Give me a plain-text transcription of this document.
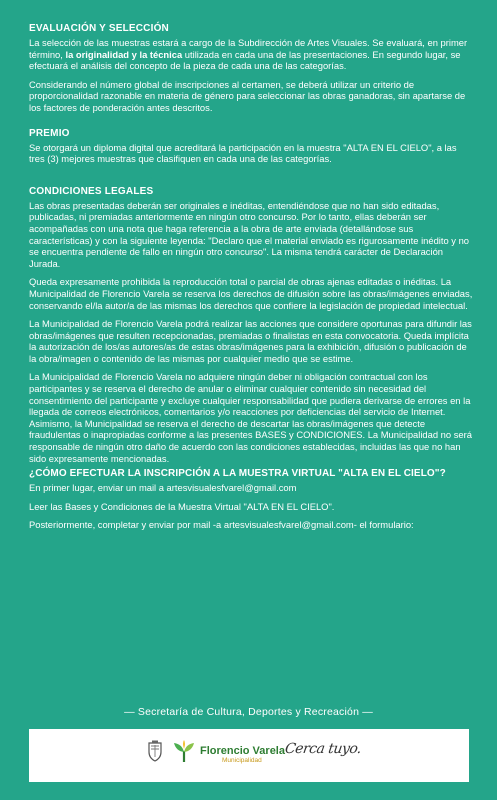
EVALUACIÓN Y SELECCIÓN

La selección de las muestras estará a cargo de la Subdirección de Artes Visuales. Se evaluará, en primer término, la originalidad y la técnica utilizada en cada una de las presentaciones. En segundo lugar, se efectuará el análisis del concepto de la pieza de cada una de las categorías.

Considerando el número global de inscripciones al certamen, se deberá utilizar un criterio de proporcionalidad razonable en materia de género para seleccionar las obras ganadoras, sin apartarse de los factores de ponderación antes descritos.

PREMIO

Se otorgará un diploma digital que acreditará la participación en la muestra "ALTA EN EL CIELO", a las tres (3) mejores muestras que clasifiquen en cada una de las categorías.

CONDICIONES LEGALES

Las obras presentadas deberán ser originales e inéditas, entendiéndose que no han sido editadas, publicadas, ni premiadas anteriormente en ningún otro concurso. Por lo tanto, ellas deberán ser acompañadas con una nota que haga referencia a la obra de arte enviada (detallándose sus características) y con la siguiente leyenda: "Declaro que el material enviado es rigurosamente inédito y no se encuentra pendiente de fallo en ningún otro concurso". La misma tendrá carácter de Declaración Jurada.

Queda expresamente prohibida la reproducción total o parcial de obras ajenas editadas o inéditas. La Municipalidad de Florencio Varela se reserva los derechos de difusión sobre las obras/imágenes enviadas, conservando el/la autor/a de las mismas los derechos que confiere la legislación de propiedad intelectual.

La Municipalidad de Florencio Varela podrá realizar las acciones que considere oportunas para difundir las obras/imágenes que resulten recepcionadas, premiadas o finalistas en esta convocatoria. Queda implícita la autorización de los/as autores/as de estas obras/imágenes para la exhibición, difusión o publicación de la obra/imagen o contenido de las mismas por cualquier medio que se estime.

La Municipalidad de Florencio Varela no adquiere ningún deber ni obligación contractual con los participantes y se reserva el derecho de anular o eliminar cualquier contenido sin necesidad del consentimiento del participante y excluye cualquier responsabilidad que pudiera derivarse de errores en la llegada de correos electrónicos, comentarios y/o reacciones por deficiencias del servicio de Internet. Asimismo, la Municipalidad se reserva el derecho de descartar las obras/imágenes que detecte fraudulentas o inapropiadas conforme a las presentes BASES y CONDICIONES. La Municipalidad no será responsable de ningún otro daño de acuerdo con las condiciones establecidas, incluidas las que no han sido expresamente mencionadas.

¿CÓMO EFECTUAR LA INSCRIPCIÓN A LA MUESTRA VIRTUAL "ALTA EN EL CIELO"?

En primer lugar, enviar un mail a artesvisualesfvarel@gmail.com

Leer las Bases y Condiciones de la Muestra Virtual "ALTA EN EL CIELO".

Posteriormente, completar y enviar por mail -a artesvisualesfvarel@gmail.com- el formulario:

— Secretaría de Cultura, Deportes y Recreación —
Florencio Varela
Municipalidad
Cerca tuyo.
